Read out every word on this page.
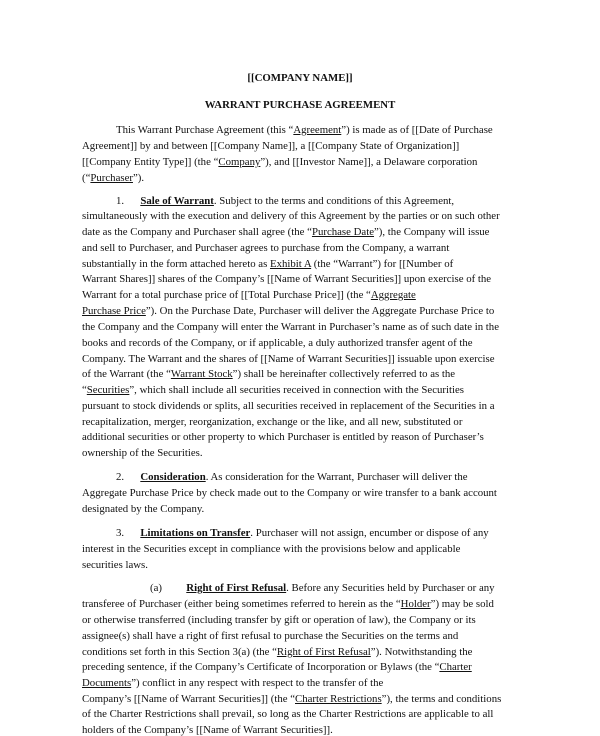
[[COMPANY NAME]]
WARRANT PURCHASE AGREEMENT
This Warrant Purchase Agreement (this “Agreement”) is made as of [[Date of Purchase
Agreement]] by and between [[Company Name]], a [[Company State of Organization]]
[[Company Entity Type]] (the “Company”), and [[Investor Name]], a Delaware corporation
(“Purchaser”).
1. Sale of Warrant. Subject to the terms and conditions of this Agreement,
simultaneously with the execution and delivery of this Agreement by the parties or on such other
date as the Company and Purchaser shall agree (the “Purchase Date”), the Company will issue
and sell to Purchaser, and Purchaser agrees to purchase from the Company, a warrant
substantially in the form attached hereto as Exhibit A (the “Warrant”) for [[Number of
Warrant Shares]] shares of the Company’s [[Name of Warrant Securities]] upon exercise of the
Warrant for a total purchase price of [[Total Purchase Price]] (the “Aggregate
Purchase Price”). On the Purchase Date, Purchaser will deliver the Aggregate Purchase Price to
the Company and the Company will enter the Warrant in Purchaser’s name as of such date in the
books and records of the Company, or if applicable, a duly authorized transfer agent of the
Company. The Warrant and the shares of [[Name of Warrant Securities]] issuable upon exercise
of the Warrant (the “Warrant Stock”) shall be hereinafter collectively referred to as the
“Securities”, which shall include all securities received in connection with the Securities
pursuant to stock dividends or splits, all securities received in replacement of the Securities in a
recapitalization, merger, reorganization, exchange or the like, and all new, substituted or
additional securities or other property to which Purchaser is entitled by reason of Purchaser’s
ownership of the Securities.
2. Consideration. As consideration for the Warrant, Purchaser will deliver the
Aggregate Purchase Price by check made out to the Company or wire transfer to a bank account
designated by the Company.
3. Limitations on Transfer. Purchaser will not assign, encumber or dispose of any
interest in the Securities except in compliance with the provisions below and applicable
securities laws.
(a) Right of First Refusal. Before any Securities held by Purchaser or any
transferee of Purchaser (either being sometimes referred to herein as the “Holder”) may be sold
or otherwise transferred (including transfer by gift or operation of law), the Company or its
assignee(s) shall have a right of first refusal to purchase the Securities on the terms and
conditions set forth in this Section 3(a) (the “Right of First Refusal”). Notwithstanding the
preceding sentence, if the Company’s Certificate of Incorporation or Bylaws (the “Charter
Documents”) conflict in any respect with respect to the transfer of the
Company’s [[Name of Warrant Securities]] (the “Charter Restrictions”), the terms and conditions
of the Charter Restrictions shall prevail, so long as the Charter Restrictions are applicable to all
holders of the Company’s [[Name of Warrant Securities]].
